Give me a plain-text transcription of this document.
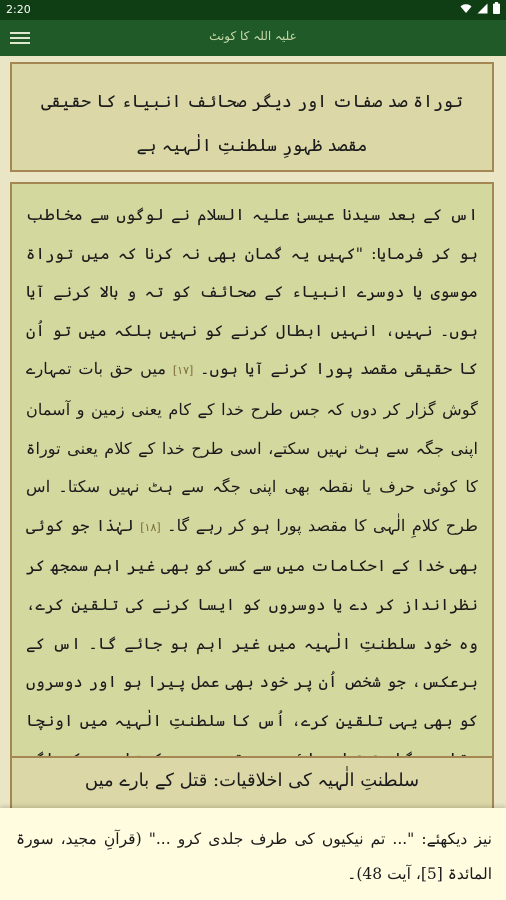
2:20
علیہ اللہ کا کونٹ
توراۃ صد صفات اور دیگر صحائف انبیاء کا حقیقی مقصد ظہورِ سلطنتِ الٰہیہ ہے
اس کے بعد سیدنا عیسیٰ علیہ السلام نے لوگوں سے مخاطب ہو کر فرمایا: "کہیں یہ گمان بھی نہ کرنا کہ میں توراۃ موسوی یا دوسرے انبیاء کے صحائف کو تہ و بالا کرنے آیا ہوں۔ نہیں، انہیں ابطال کرنے کو نہیں بلکہ میں تو اُن کا حقیقی مقصد پورا کرنے آیا ہوں۔ [۱۷] میں حق بات تمہارے گوش گزار کر دوں کہ جس طرح خدا کے کام یعنی زمین و آسمان اپنی جگہ سے ہٹ نہیں سکتے، اسی طرح خدا کے کلام یعنی توراۃ کا کوئی حرف یا نقطہ بھی اپنی جگہ سے ہٹ نہیں سکتا۔ اس طرح کلامِ الٰہی کا مقصد پورا ہو کر رہے گا۔ [۱۸] لہٰذا جو کوئی بھی خدا کے احکامات میں سے کسی کو بھی غیر اہم سمجھ کر نظرانداز کر دے یا دوسروں کو ایسا کرنے کی تلقین کرے، وہ خود سلطنتِ الٰہیہ میں غیر اہم ہو جائے گا۔ اس کے برعکس، جو شخص اُن پر خود بھی عمل پیرا ہو اور دوسروں کو بھی یہی تلقین کرے، اُس کا سلطنتِ الٰہیہ میں اونچا
سلطنتِ الٰہیہ کی اخلاقیات: قتل کے بارے میں
نیز دیکھئے: "... تم نیکیوں کی طرف جلدی کرو ..." (قرآنِ مجید، سورۃ المائدۃ [5]، آیت 48)۔
